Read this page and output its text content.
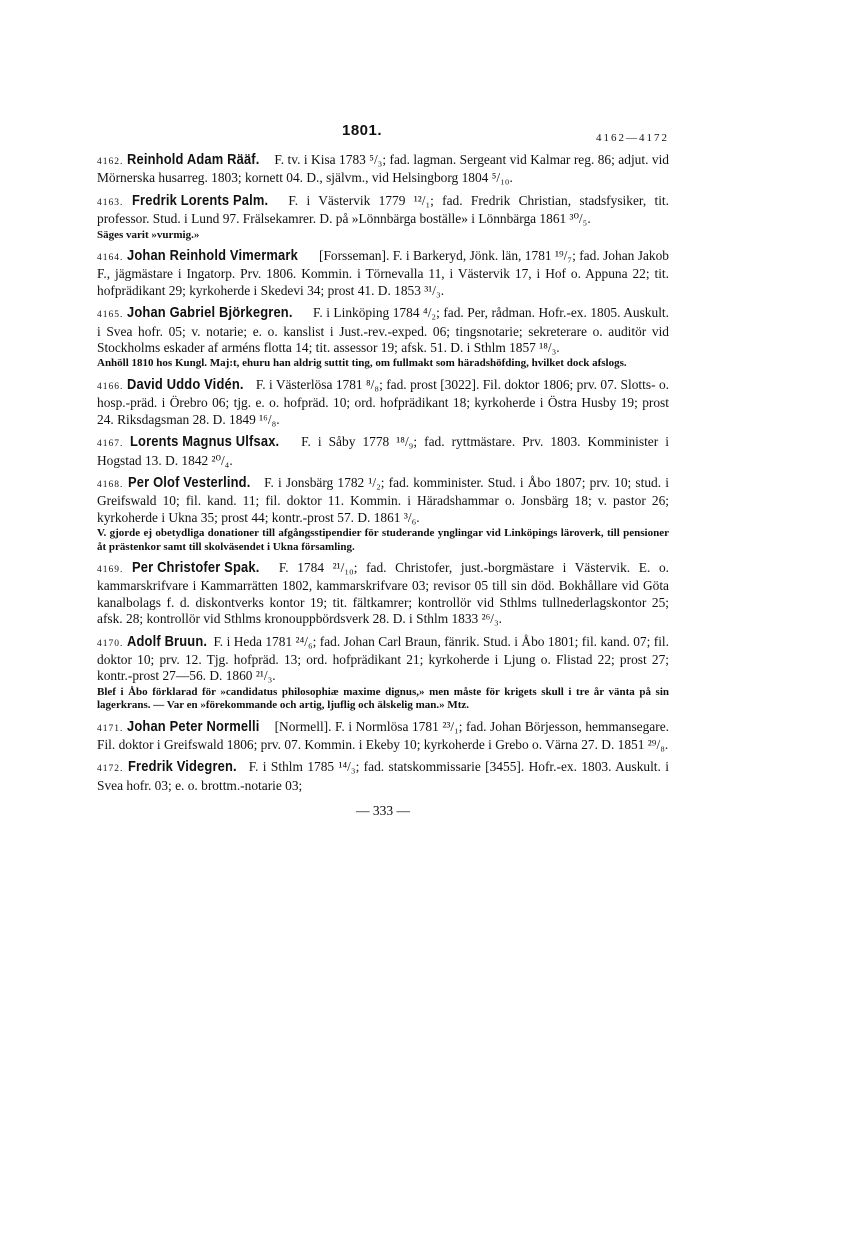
1801.	4162—4172
4162. Reinhold Adam Rääf. F. tv. i Kisa 1783 ⁵/₃; fad. lagman. Sergeant vid Kalmar reg. 86; adjut. vid Mörnerska husarreg. 1803; kornett 04. D., självm., vid Helsingborg 1804 ⁵/₁₀.
4163. Fredrik Lorents Palm. F. i Västervik 1779 ¹²/₁; fad. Fredrik Christian, stadsfysiker, tit. professor. Stud. i Lund 97. Frälsekamrer. D. på »Lönnbärga boställe» i Lönnbärga 1861 ³⁰/₅.
Säges varit »vurmig.»
4164. Johan Reinhold Vimermark [Forsseman]. F. i Barkeryd, Jönk. län, 1781 ¹⁹/₇; fad. Johan Jakob F., jägmästare i Ingatorp. Prv. 1806. Kommin. i Törnevalla 11, i Västervik 17, i Hof o. Appuna 22; tit. hofprädikant 29; kyrkoherde i Skedevi 34; prost 41. D. 1853 ³¹/₃.
4165. Johan Gabriel Björkegren. F. i Linköping 1784 ⁴/₂; fad. Per, rådman. Hofr.-ex. 1805. Auskult. i Svea hofr. 05; v. notarie; e. o. kanslist i Just.-rev.-exped. 06; tingsnotarie; sekreterare o. auditör vid Stockholms eskader af arméns flotta 14; tit. assessor 19; afsk. 51. D. i Sthlm 1857 ¹⁸/₃.
Anhöll 1810 hos Kungl. Maj:t, ehuru han aldrig suttit ting, om fullmakt som häradshöfding, hvilket dock afslogs.
4166. David Uddo Vidén. F. i Västerlösa 1781 ⁸/₈; fad. prost [3022]. Fil. doktor 1806; prv. 07. Slotts- o. hosp.-präd. i Örebro 06; tjg. e. o. hofpräd. 10; ord. hofprädikant 18; kyrkoherde i Östra Husby 19; prost 24. Riksdagsman 28. D. 1849 ¹⁶/₈.
4167. Lorents Magnus Ulfsax. F. i Såby 1778 ¹⁸/₉; fad. ryttmästare. Prv. 1803. Komminister i Hogstad 13. D. 1842 ²⁰/₄.
4168. Per Olof Vesterlind. F. i Jonsbärg 1782 ¹/₂; fad. komminister. Stud. i Åbo 1807; prv. 10; stud. i Greifswald 10; fil. kand. 11; fil. doktor 11. Kommin. i Häradshammar o. Jonsbärg 18; v. pastor 26; kyrkoherde i Ukna 35; prost 44; kontr.-prost 57. D. 1861 ³/₆.
V. gjorde ej obetydliga donationer till afgångsstipendier för studerande ynglingar vid Linköpings läroverk, till pensioner åt prästenkor samt till skolväsendet i Ukna församling.
4169. Per Christofer Spak. F. 1784 ²¹/₁₀; fad. Christofer, just.-borgmästare i Västervik. E. o. kammarskrifvare i Kammarrätten 1802, kammarskrifvare 03; revisor 05 till sin död. Bokhållare vid Göta kanalbolags f. d. diskontverks kontor 19; tit. fältkamrer; kontrollör vid Sthlms tullnederlagskontor 25; afsk. 28; kontrollör vid Sthlms kronouppbördsverk 28. D. i Sthlm 1833 ²⁶/₃.
4170. Adolf Bruun. F. i Heda 1781 ²⁴/₆; fad. Johan Carl Braun, fänrik. Stud. i Åbo 1801; fil. kand. 07; fil. doktor 10; prv. 12. Tjg. hofpräd. 13; ord. hofprädikant 21; kyrkoherde i Ljung o. Flistad 22; prost 27; kontr.-prost 27—56. D. 1860 ²¹/₃.
Blef i Åbo förklarad för »candidatus philosophiæ maxime dignus,» men måste för krigets skull i tre år vänta på sin lagerkrans. — Var en »förekommande och artig, ljuflig och älskelig man.» Mtz.
4171. Johan Peter Normelli [Normell]. F. i Normlösa 1781 ²³/₁; fad. Johan Börjesson, hemmansegare. Fil. doktor i Greifswald 1806; prv. 07. Kommin. i Ekeby 10; kyrkoherde i Grebo o. Värna 27. D. 1851 ²⁹/₈.
4172. Fredrik Videgren. F. i Sthlm 1785 ¹⁴/₃; fad. statskommissarie [3455]. Hofr.-ex. 1803. Auskult. i Svea hofr. 03; e. o. brottm.-notarie 03;
— 333 —
